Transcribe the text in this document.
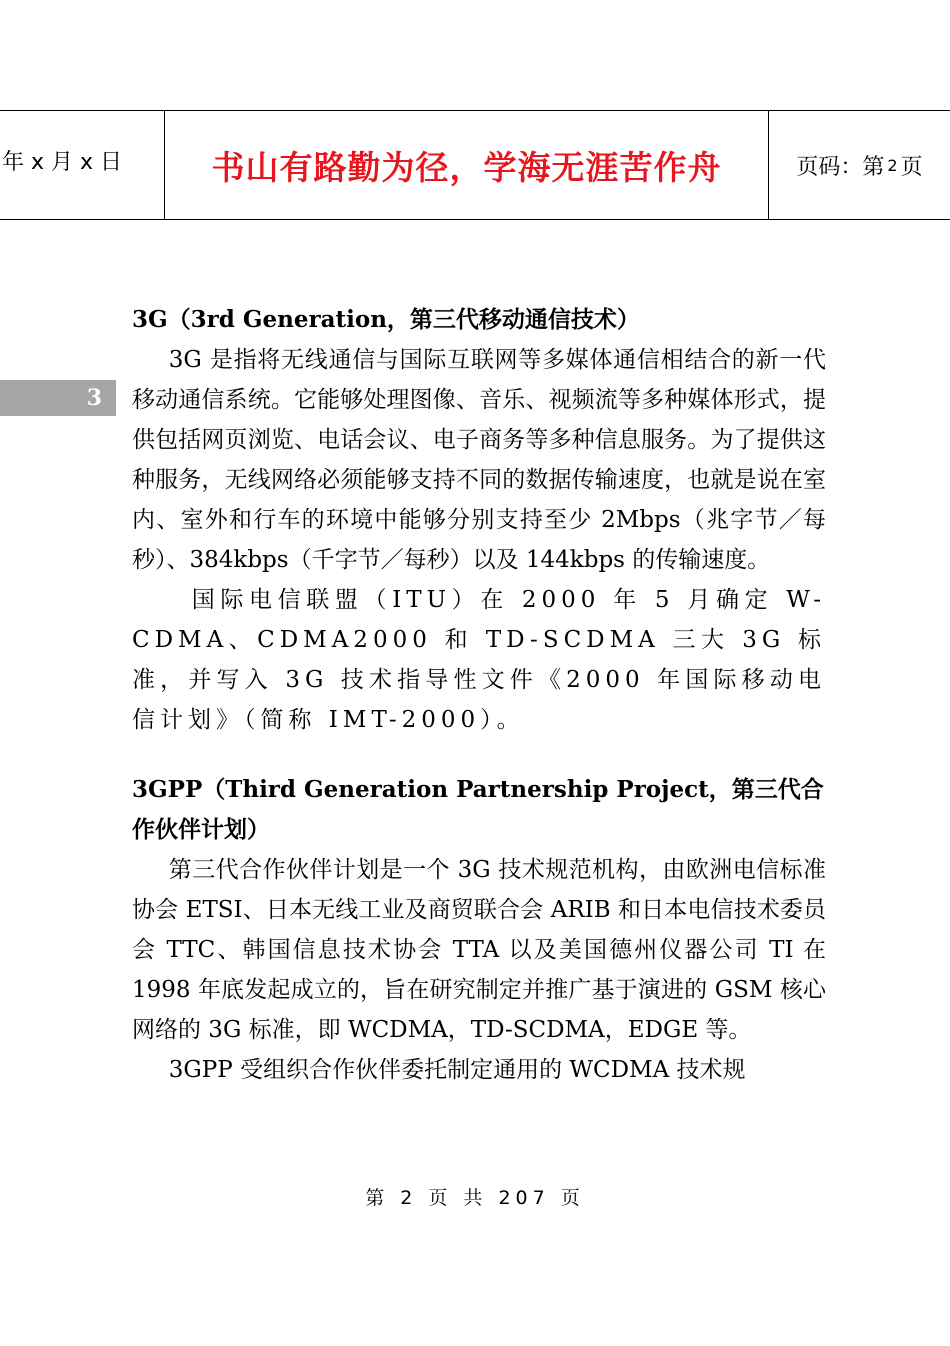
年 x 月 x 日	书山有路勤为径，学海无涯苦作舟	页码：第 2 页
3

3G（3rd Generation，第三代移动通信技术）

3G 是指将无线通信与国际互联网等多媒体通信相结合的新一代移动通信系统。它能够处理图像、音乐、视频流等多种媒体形式，提供包括网页浏览、电话会议、电子商务等多种信息服务。为了提供这种服务，无线网络必须能够支持不同的数据传输速度，也就是说在室内、室外和行车的环境中能够分别支持至少 2Mbps（兆字节／每秒）、384kbps（千字节／每秒）以及 144kbps 的传输速度。

国际电信联盟（ITU）在 2000 年 5 月确定 W-CDMA、CDMA2000 和 TD-SCDMA 三大 3G 标准，并写入 3G 技术指导性文件《2000 年国际移动电信计划》（简称 IMT-2000）。

3GPP（Third Generation Partnership Project，第三代合作伙伴计划）

第三代合作伙伴计划是一个 3G 技术规范机构，由欧洲电信标准协会 ETSI、日本无线工业及商贸联合会 ARIB 和日本电信技术委员会 TTC、韩国信息技术协会 TTA 以及美国德州仪器公司 TI 在 1998 年底发起成立的，旨在研究制定并推广基于演进的 GSM 核心网络的 3G 标准，即 WCDMA，TD-SCDMA，EDGE 等。

3GPP 受组织合作伙伴委托制定通用的 WCDMA 技术规

第 2 页 共 207 页
